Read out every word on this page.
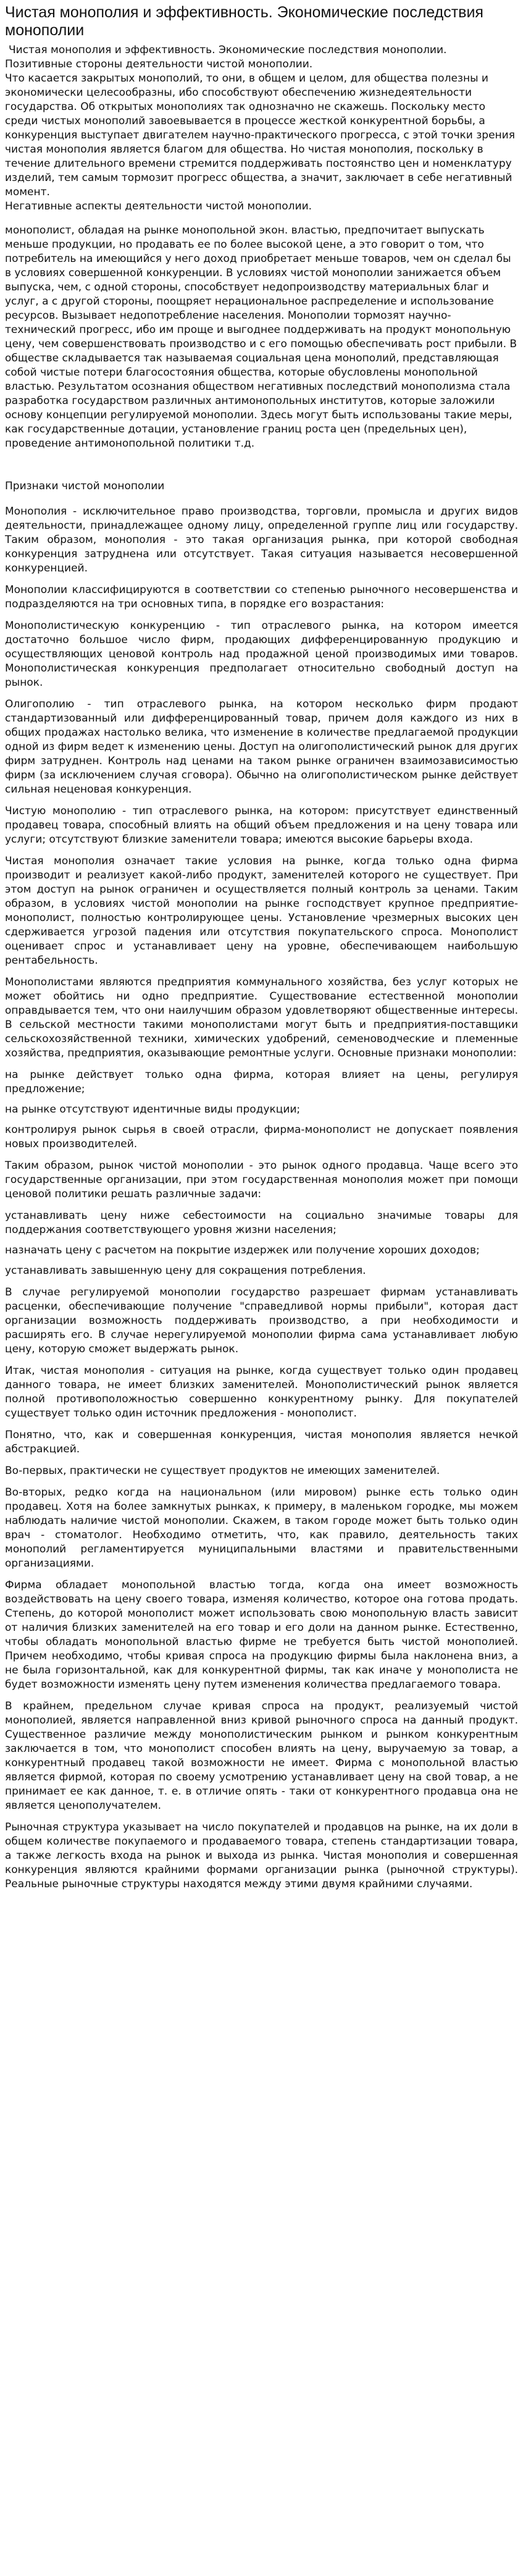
Чистая монополия и эффективность. Экономические последствия монополии
Чистая монополия и эффективность. Экономические последствия монополии.
Позитивные стороны деятельности чистой монополии.
Что касается закрытых монополий, то они, в общем и целом, для общества полезны и экономически целесообразны, ибо способствуют обеспечению жизнедеятельности государства. Об открытых монополиях так однозначно не скажешь. Поскольку место среди чистых монополий завоевывается в процессе жесткой конкурентной борьбы, а конкуренция выступает двигателем научно-практического прогресса, с этой точки зрения чистая монополия является благом для общества. Но чистая монополия, поскольку в течение длительного времени стремится поддерживать постоянство цен и номенклатуру изделий, тем самым тормозит прогресс общества, а значит, заключает в себе негативный момент.
Негативные аспекты деятельности чистой монополии.
монополист, обладая на рынке монопольной экон. властью, предпочитает выпускать меньше продукции, но продавать ее по более высокой цене, а это говорит о том, что потребитель на имеющийся у него доход приобретает меньше товаров, чем он сделал бы в условиях совершенной конкуренции. В условиях чистой монополии занижается объем выпуска, чем, с одной стороны, способствует недопроизводству материальных благ и услуг, а с другой стороны, поощряет нерациональное распределение и использование ресурсов. Вызывает недопотребление населения. Монополии тормозят научно-технический прогресс, ибо им проще и выгоднее поддерживать на продукт монопольную цену, чем совершенствовать производство и с его помощью обеспечивать рост прибыли. В обществе складывается так называемая социальная цена монополий, представляющая собой чистые потери благосостояния общества, которые обусловлены монопольной властью. Результатом осознания обществом негативных последствий монополизма стала разработка государством различных антимонопольных институтов, которые заложили основу концепции регулируемой монополии. Здесь могут быть использованы такие меры, как государственные дотации, установление границ роста цен (предельных цен), проведение антимонопольной политики т.д.
Признаки чистой монополии

Монополия - исключительное право производства, торговли, промысла и других видов деятельности, принадлежащее одному лицу, определенной группе лиц или государству. Таким образом, монополия - это такая организация рынка, при которой свободная конкуренция затруднена или отсутствует. Такая ситуация называется несовершенной конкуренцией.

Монополии классифицируются в соответствии со степенью рыночного несовершенства и подразделяются на три основных типа, в порядке его возрастания:

Монополистическую конкуренцию - тип отраслевого рынка, на котором имеется достаточно большое число фирм, продающих дифференцированную продукцию и осуществляющих ценовой контроль над продажной ценой производимых ими товаров. Монополистическая конкуренция предполагает относительно свободный доступ на рынок.

Олигополию - тип отраслевого рынка, на котором несколько фирм продают стандартизованный или дифференцированный товар, причем доля каждого из них в общих продажах настолько велика, что изменение в количестве предлагаемой продукции одной из фирм ведет к изменению цены. Доступ на олигополистический рынок для других фирм затруднен. Контроль над ценами на таком рынке ограничен взаимозависимостью фирм (за исключением случая сговора). Обычно на олигополистическом рынке действует сильная неценовая конкуренция.

Чистую монополию - тип отраслевого рынка, на котором: присутствует единственный продавец товара, способный влиять на общий объем предложения и на цену товара или услуги; отсутствуют близкие заменители товара; имеются высокие барьеры входа.

Чистая монополия означает такие условия на рынке, когда только одна фирма производит и реализует какой-либо продукт, заменителей которого не существует. При этом доступ на рынок ограничен и осуществляется полный контроль за ценами. Таким образом, в условиях чистой монополии на рынке господствует крупное предприятие-монополист, полностью контролирующее цены. Установление чрезмерных высоких цен сдерживается угрозой падения или отсутствия покупательского спроса. Монополист оценивает спрос и устанавливает цену на уровне, обеспечивающем наибольшую рентабельность.

Монополистами являются предприятия коммунального хозяйства, без услуг которых не может обойтись ни одно предприятие. Существование естественной монополии оправдывается тем, что они наилучшим образом удовлетворяют общественные интересы. В сельской местности такими монополистами могут быть и предприятия-поставщики сельскохозяйственной техники, химических удобрений, семеноводческие и племенные хозяйства, предприятия, оказывающие ремонтные услуги. Основные признаки монополии:

на рынке действует только одна фирма, которая влияет на цены, регулируя предложение;

на рынке отсутствуют идентичные виды продукции;

контролируя рынок сырья в своей отрасли, фирма-монополист не допускает появления новых производителей.

Таким образом, рынок чистой монополии - это рынок одного продавца. Чаще всего это государственные организации, при этом государственная монополия может при помощи ценовой политики решать различные задачи:

устанавливать цену ниже себестоимости на социально значимые товары для поддержания соответствующего уровня жизни населения;

назначать цену с расчетом на покрытие издержек или получение хороших доходов;

устанавливать завышенную цену для сокращения потребления.

В случае регулируемой монополии государство разрешает фирмам устанавливать расценки, обеспечивающие получение "справедливой нормы прибыли", которая даст организации возможность поддерживать производство, а при необходимости и расширять его. В случае нерегулируемой монополии фирма сама устанавливает любую цену, которую сможет выдержать рынок.

Итак, чистая монополия - ситуация на рынке, когда существует только один продавец данного товара, не имеет близких заменителей. Монополистический рынок является полной противоположностью совершенно конкурентному рынку. Для покупателей существует только один источник предложения - монополист.

Понятно, что, как и совершенная конкуренция, чистая монополия является нечкой абстракцией.

Во-первых, практически не существует продуктов не имеющих заменителей.

Во-вторых, редко когда на национальном (или мировом) рынке есть только один продавец. Хотя на более замкнутых рынках, к примеру, в маленьком городке, мы можем наблюдать наличие чистой монополии. Скажем, в таком городе может быть только один врач - стоматолог. Необходимо отметить, что, как правило, деятельность таких монополий регламентируется муниципальными властями и правительственными организациями.

Фирма обладает монопольной властью тогда, когда она имеет возможность воздействовать на цену своего товара, изменяя количество, которое она готова продать. Степень, до которой монополист может использовать свою монопольную власть зависит от наличия близких заменителей на его товар и его доли на данном рынке. Естественно, чтобы обладать монопольной властью фирме не требуется быть чистой монополией. Причем необходимо, чтобы кривая спроса на продукцию фирмы была наклонена вниз, а не была горизонтальной, как для конкурентной фирмы, так как иначе у монополиста не будет возможности изменять цену путем изменения количества предлагаемого товара.

В крайнем, предельном случае кривая спроса на продукт, реализуемый чистой монополией, является направленной вниз кривой рыночного спроса на данный продукт. Существенное различие между монополистическим рынком и рынком конкурентным заключается в том, что монополист способен влиять на цену, выручаемую за товар, а конкурентный продавец такой возможности не имеет. Фирма с монопольной властью является фирмой, которая по своему усмотрению устанавливает цену на свой товар, а не принимает ее как данное, т. е. в отличие опять - таки от конкурентного продавца она не является ценополучателем.

Рыночная структура указывает на число покупателей и продавцов на рынке, на их доли в общем количестве покупаемого и продаваемого товара, степень стандартизации товара, а также легкость входа на рынок и выхода из рынка. Чистая монополия и совершенная конкуренция являются крайними формами организации рынка (рыночной структуры). Реальные рыночные структуры находятся между этими двумя крайними случаями.
